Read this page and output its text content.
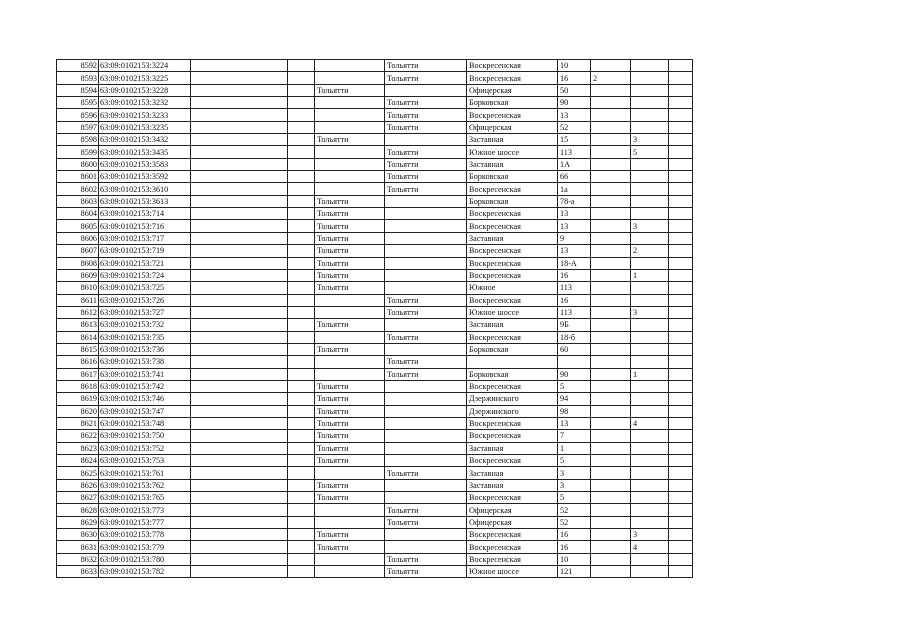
8592	63:09:0102153:3224				Тольятти	Воскресенская	10			
8593	63:09:0102153:3225				Тольятти	Воскресенская	16	2		
8594	63:09:0102153:3228			Тольятти		Офицерская	50			
8595	63:09:0102153:3232				Тольятти	Борковская	90			
8596	63:09:0102153:3233				Тольятти	Воскресенская	13			
8597	63:09:0102153:3235				Тольятти	Офицерская	52			
8598	63:09:0102153:3432			Тольятти		Заставная	15		3	
8599	63:09:0102153:3435				Тольятти	Южное шоссе	113		5	
8600	63:09:0102153:3583				Тольятти	Заставная	1А			
8601	63:09:0102153:3592				Тольятти	Борковская	66			
8602	63:09:0102153:3610				Тольятти	Воскресенская	1а			
8603	63:09:0102153:3613			Тольятти		Борковская	78-а			
8604	63:09:0102153:714			Тольятти		Воскресенская	13			
8605	63:09:0102153:716			Тольятти		Воскресенская	13		3	
8606	63:09:0102153:717			Тольятти		Заставная	9			
8607	63:09:0102153:719			Тольятти		Воскресенская	13		2	
8608	63:09:0102153:721			Тольятти		Воскресенская	18-А			
8609	63:09:0102153:724			Тольятти		Воскресенская	16		1	
8610	63:09:0102153:725			Тольятти		Южное	113			
8611	63:09:0102153:726				Тольятти	Воскресенская	16			
8612	63:09:0102153:727				Тольятти	Южное шоссе	113		3	
8613	63:09:0102153:732			Тольятти		Заставная	9Б			
8614	63:09:0102153:735				Тольятти	Воскресенская	18-б			
8615	63:09:0102153:736			Тольятти		Борковская	60			
8616	63:09:0102153:738				Тольятти					
8617	63:09:0102153:741				Тольятти	Борковская	90		1	
8618	63:09:0102153:742			Тольятти		Воскресенская	5			
8619	63:09:0102153:746			Тольятти		Дзержинского	94			
8620	63:09:0102153:747			Тольятти		Дзержинского	98			
8621	63:09:0102153:748			Тольятти		Воскресенская	13		4	
8622	63:09:0102153:750			Тольятти		Воскресенская	7			
8623	63:09:0102153:752			Тольятти		Заставная	1			
8624	63:09:0102153:753			Тольятти		Воскресенская	5			
8625	63:09:0102153:761				Тольятти	Заставная	3			
8626	63:09:0102153:762			Тольятти		Заставная	3			
8627	63:09:0102153:765			Тольятти		Воскресенская	5			
8628	63:09:0102153:773				Тольятти	Офицерская	52			
8629	63:09:0102153:777				Тольятти	Офицерская	52			
8630	63:09:0102153:778			Тольятти		Воскресенская	16		3	
8631	63:09:0102153:779			Тольятти		Воскресенская	16		4	
8632	63:09:0102153:780				Тольятти	Воскресенская	10			
8633	63:09:0102153:782				Тольятти	Южное шоссе	121			
